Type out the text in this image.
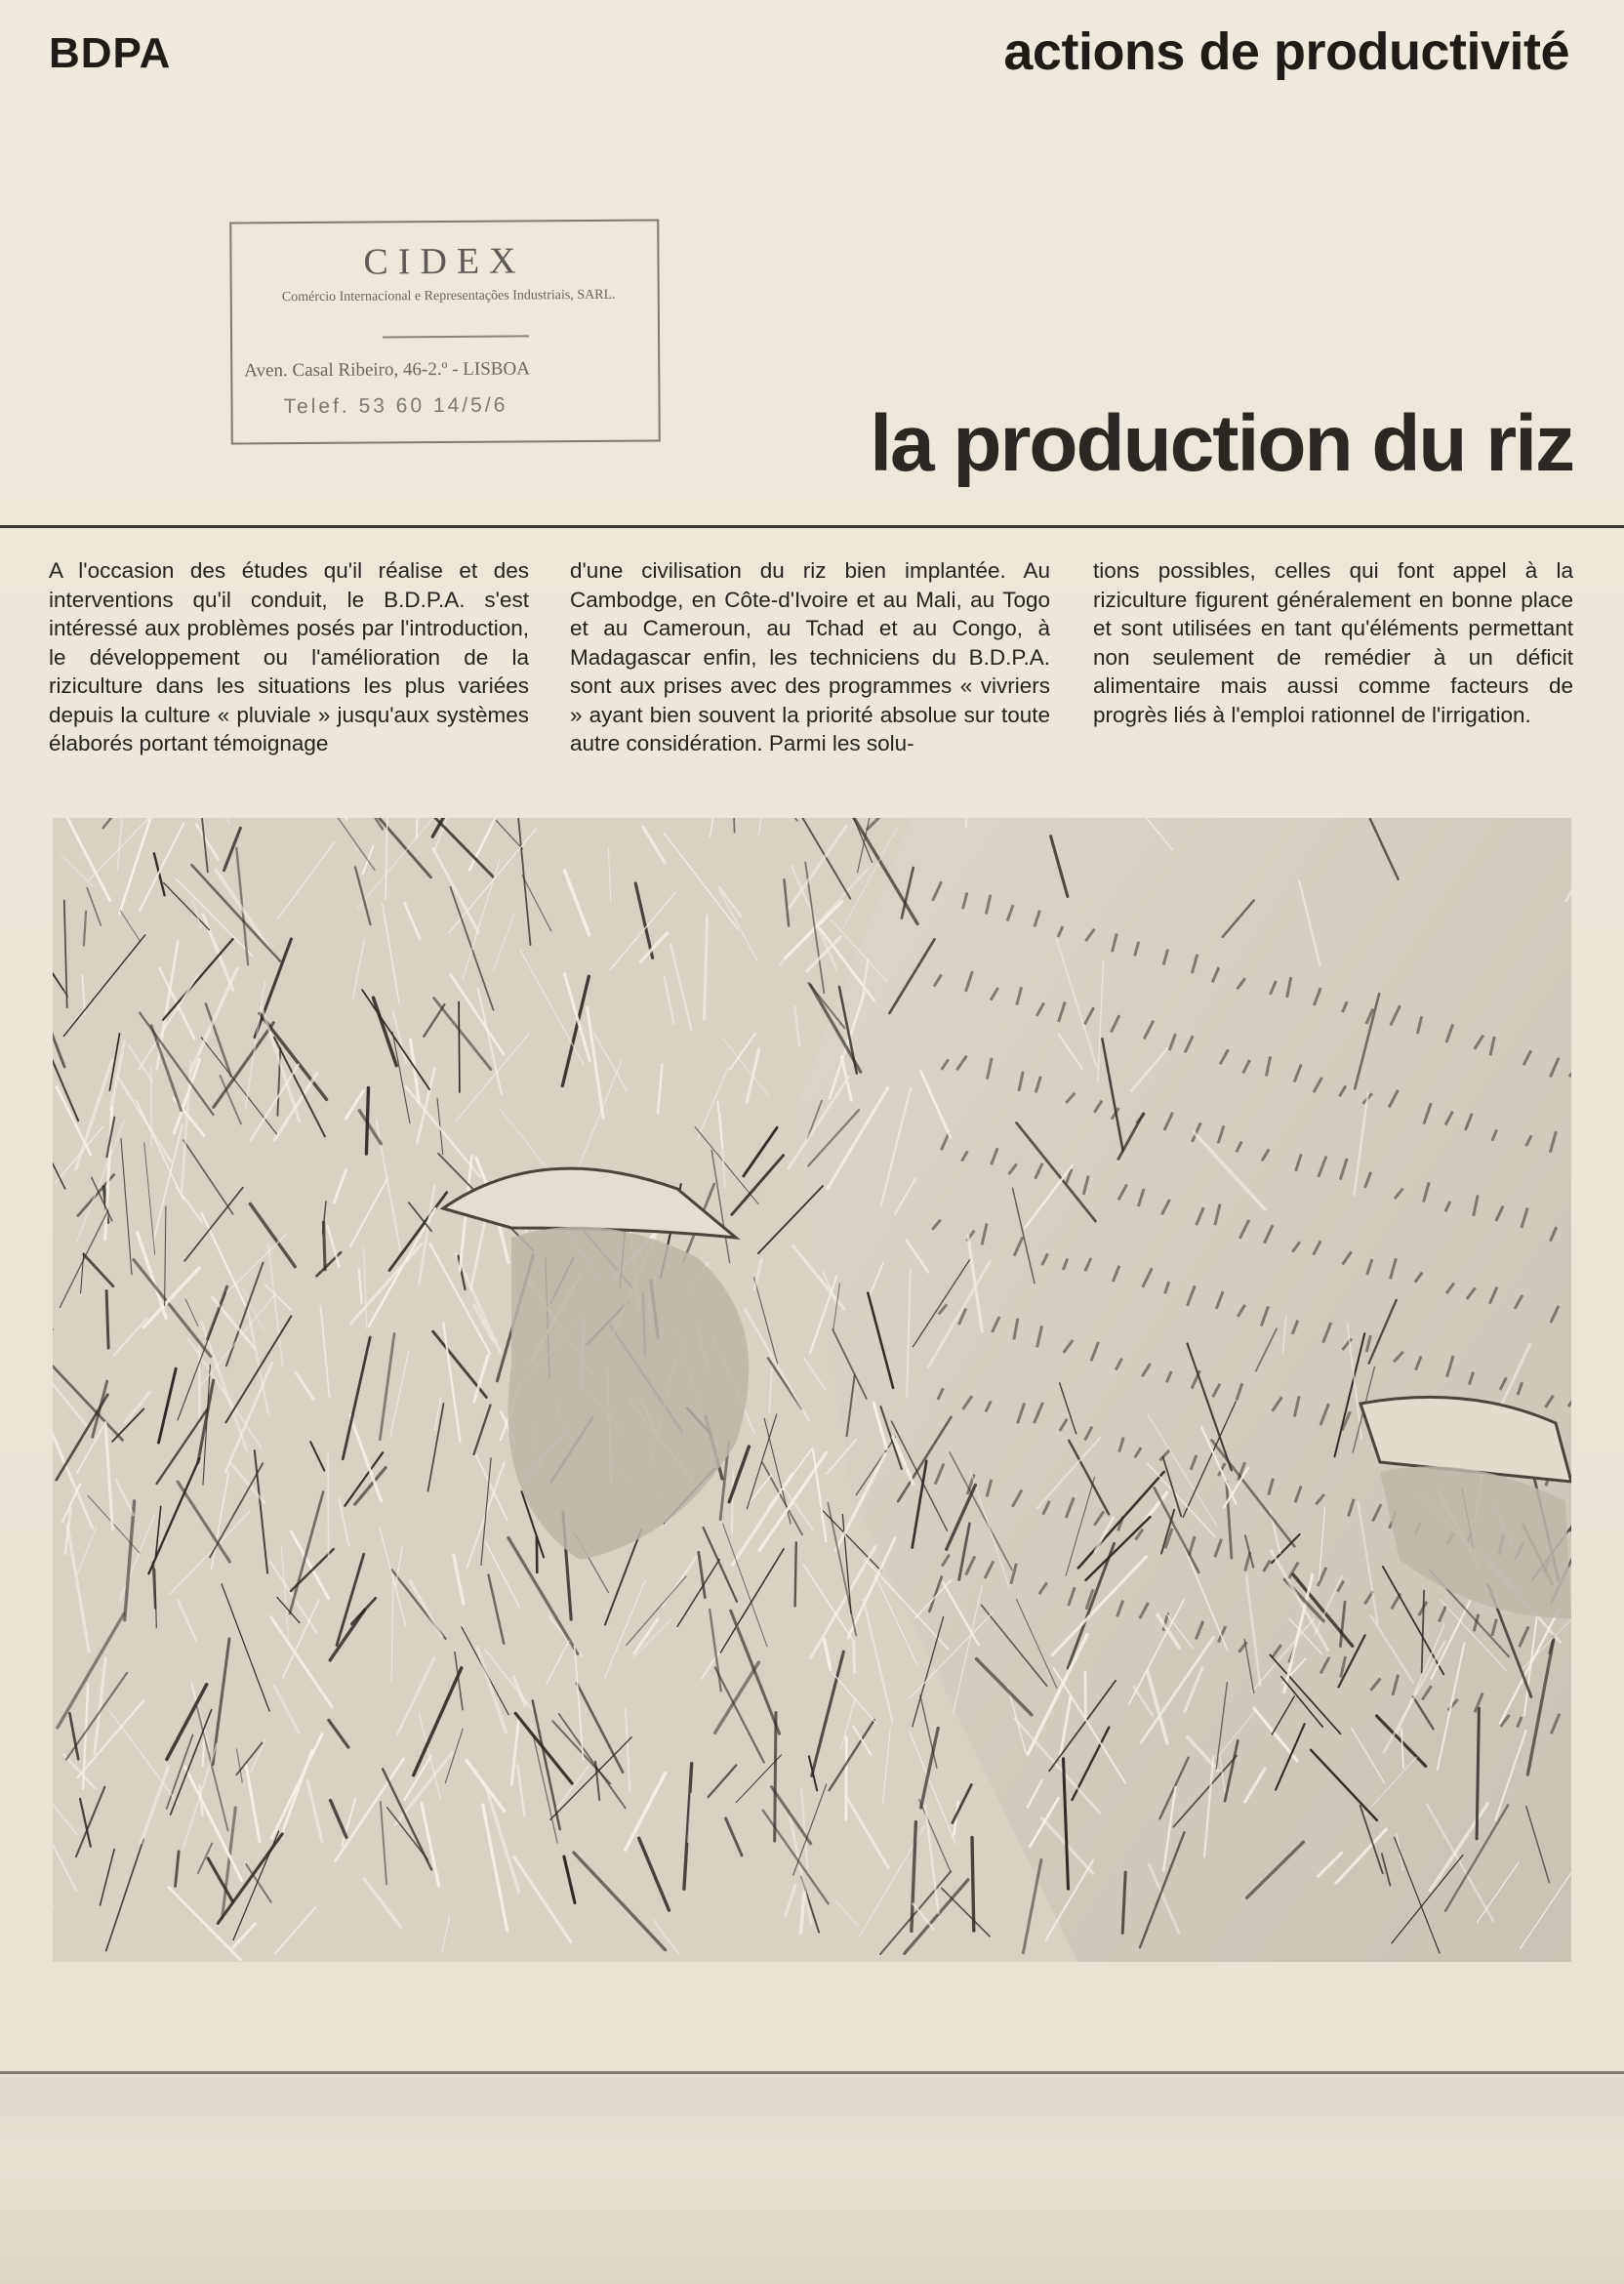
BDPA	actions de productivité
CIDEX
Comércio Internacional e Representações Industriais, SARL.
Aven. Casal Ribeiro, 46-2.º - LISBOA
Telef. 53 60 14/5/6	la production du riz

A l'occasion des études qu'il réalise et des interventions qu'il conduit, le B.D.P.A. s'est intéressé aux problèmes posés par l'introduction, le développement ou l'amélioration de la riziculture dans les situations les plus variées depuis la culture « pluviale » jusqu'aux systèmes élaborés portant témoignage

d'une civilisation du riz bien implantée. Au Cambodge, en Côte-d'Ivoire et au Mali, au Togo et au Cameroun, au Tchad et au Congo, à Madagascar enfin, les techniciens du B.D.P.A. sont aux prises avec des programmes « vivriers » ayant bien souvent la priorité absolue sur toute autre considération. Parmi les solu-

tions possibles, celles qui font appel à la riziculture figurent généralement en bonne place et sont utilisées en tant qu'éléments permettant non seulement de remédier à un déficit alimentaire mais aussi comme facteurs de progrès liés à l'emploi rationnel de l'irrigation.
